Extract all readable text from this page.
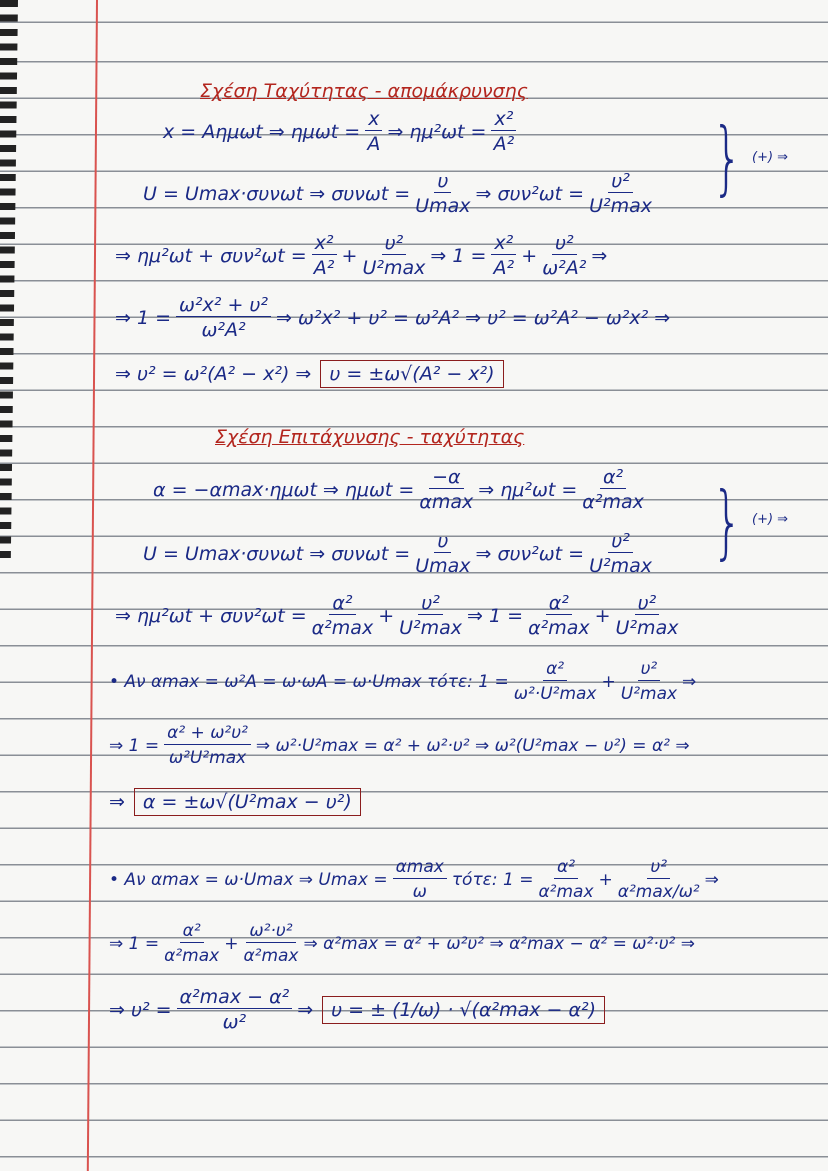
Σχέση Ταχύτητας - απομάκρυνσης
x = Aημωt ⇒ $\eta\mu\omega t = \frac{x}{A}$ ⇒ $\eta\mu^2\omega t = \frac{\text{x²}}{\text{A²}}$
U = Umax·συνωt ⇒ $\sigma\upsilon\nu\omega t = \frac{\upsilon}{Umax}$ ⇒ $\sigma\upsilon\nu^2\omega t = \frac{\text{υ²}}{\text{U²max}}$ } (+) ⇒
⇒ $\eta\mu^2\omega t + \sigma\upsilon\nu^2\omega t = \frac{\text{x²}}{\text{A²}} + \frac{\text{υ²}}{\text{U²max}}$ ⇒ $1 = \frac{\text{x²}}{\text{A²}} + \frac{\text{υ²}}{\text{ω²A²}}$ ⇒
⇒ $1 = \frac{\text{ω²x² + υ²}}{\text{ω²A²}}$ ⇒ ω²x² + υ² = ω²A² ⇒ υ² = ω²A² − ω²x² ⇒
⇒ υ² = ω²(A² − x²) ⇒ υ = ±ω√(A² − x²)
Σχέση Επιτάχυνσης - ταχύτητας
α = −αmax·ημωt ⇒ $\eta\mu\omega t = \frac{-\alpha}{\alpha\max}$ ⇒ $\eta\mu^2\omega t = \frac{\text{α²}}{\text{α²max}}$
U = Umax·συνωt ⇒ $\sigma\upsilon\nu\omega t = \frac{\upsilon}{Umax}$ ⇒ $\sigma\upsilon\nu^2\omega t = \frac{\text{υ²}}{\text{U²max}}$ } (+) ⇒
⇒ $\eta\mu^2\omega t + \sigma\upsilon\nu^2\omega t = \frac{\text{α²}}{\text{α²max}} + \frac{\text{υ²}}{\text{U²max}}$ ⇒ $1 = \frac{\text{α²}}{\text{α²max}} + \frac{\text{υ²}}{\text{U²max}}$
• Aν αmax = ω²A = ω·ωA = ω·Umax τότε: $1 = \frac{\text{α²}}{\text{ω²·U²max}} + \frac{\text{υ²}}{\text{U²max}}$ ⇒
⇒ $1 = \frac{\text{α² + ω²υ²}}{\text{ω²U²max}}$ ⇒ ω²·U²max = α² + ω²·υ² ⇒ ω²(U²max − υ²) = α² ⇒
⇒ α = ±ω√(U²max − υ²)
• Aν αmax = ω·Umax ⇒ $Umax = \frac{\alpha\max}{\omega} \tau ό\tau\varepsilon$: $1 = \frac{\text{α²}}{\text{α²max}} + \frac{\text{υ²}}{\text{α²max/ω²}}$ ⇒
⇒ $1 = \frac{\text{α²}}{\text{α²max}} + \frac{\text{ω²·υ²}}{\text{α²max}}$ ⇒ α²max = α² + ω²υ² ⇒ α²max − α² = ω²·υ² ⇒
⇒ $\upsilon^2 = \frac{\text{α²max − α²}}{\text{ω²}}$ ⇒ υ = ± (1/ω) · √(α²max − α²)
